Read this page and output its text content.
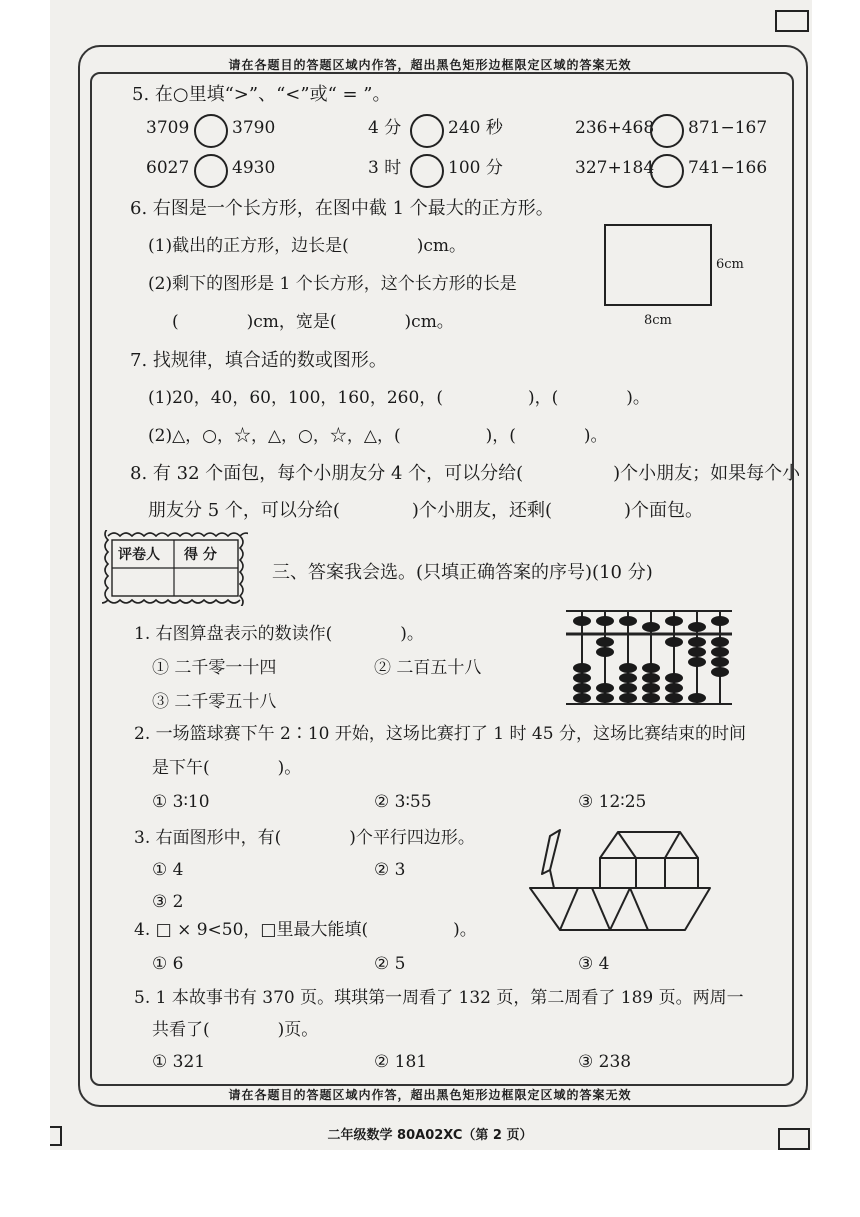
请在各题目的答题区域内作答，超出黑色矩形边框限定区域的答案无效
请在各题目的答题区域内作答，超出黑色矩形边框限定区域的答案无效
5. 在○里填“>”、“<”或“ = ”。
3709	3790	4 分	240 秒	236+468 871−167
6027	4930	3 时	100 分	327+184 741−166
6. 右图是一个长方形，在图中截 1 个最大的正方形。
(1)截出的正方形，边长是(　　　　)cm。
(2)剩下的图形是 1 个长方形，这个长方形的长是
(　　　　)cm，宽是(　　　　)cm。
6cm
8cm
7. 找规律，填合适的数或图形。
(1)20，40，60，100，160，260，(　　　　　)，(　　　　)。
(2)△，○，☆，△，○，☆，△，(　　　　　)，(　　　　)。
8. 有 32 个面包，每个小朋友分 4 个，可以分给(　　　　　)个小朋友；如果每个小
朋友分 5 个，可以分给(　　　　)个小朋友，还剩(　　　　)个面包。
评卷人 得 分
三、答案我会选。(只填正确答案的序号)(10 分)
1. 右图算盘表示的数读作(　　　　)。
① 二千零一十四	② 二百五十八
③ 二千零五十八
2. 一场篮球赛下午 2∶10 开始，这场比赛打了 1 时 45 分，这场比赛结束的时间
是下午(　　　　)。
① 3∶10	② 3∶55	③ 12∶25
3. 右面图形中，有(　　　　)个平行四边形。
① 4	② 3
③ 2
4. □ × 9<50，□里最大能填(　　　　　)。
① 6	② 5	③ 4
5. 1 本故事书有 370 页。琪琪第一周看了 132 页，第二周看了 189 页。两周一
共看了(　　　　)页。
① 321	② 181	③ 238
二年级数学 80A02XC（第 2 页）
